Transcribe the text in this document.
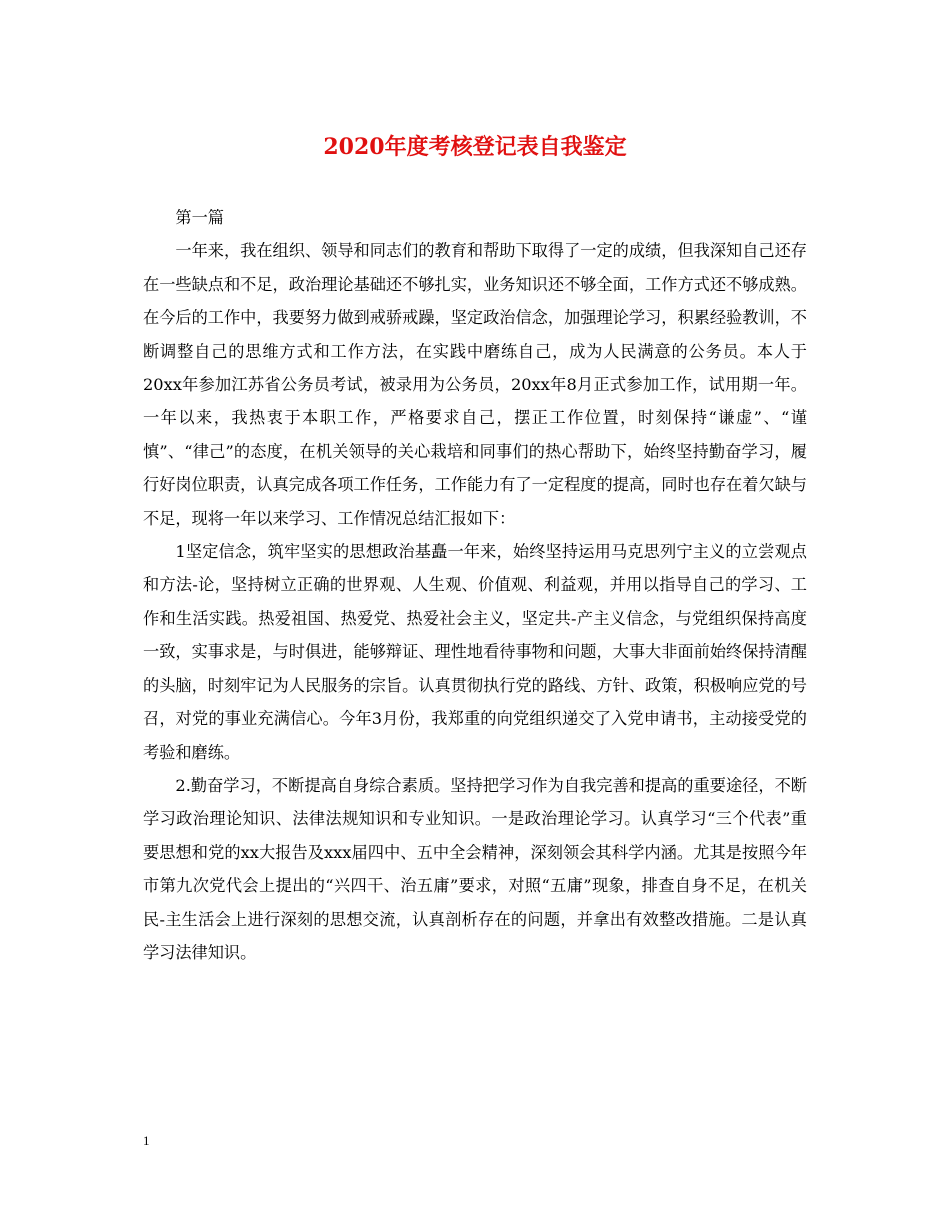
2020年度考核登记表自我鉴定

第一篇

一年来，我在组织、领导和同志们的教育和帮助下取得了一定的成绩，但我深知自己还存在一些缺点和不足，政治理论基础还不够扎实，业务知识还不够全面，工作方式还不够成熟。在今后的工作中，我要努力做到戒骄戒躁，坚定政治信念，加强理论学习，积累经验教训，不断调整自己的思维方式和工作方法，在实践中磨练自己，成为人民满意的公务员。本人于20xx年参加江苏省公务员考试，被录用为公务员，20xx年8月正式参加工作，试用期一年。一年以来，我热衷于本职工作，严格要求自己，摆正工作位置，时刻保持“谦虚”、“谨慎”、“律己”的态度，在机关领导的关心栽培和同事们的热心帮助下，始终坚持勤奋学习，履行好岗位职责，认真完成各项工作任务，工作能力有了一定程度的提高，同时也存在着欠缺与不足，现将一年以来学习、工作情况总结汇报如下：

1坚定信念，筑牢坚实的思想政治基矗一年来，始终坚持运用马克思列宁主义的立尝观点和方法-论，坚持树立正确的世界观、人生观、价值观、利益观，并用以指导自己的学习、工作和生活实践。热爱祖国、热爱党、热爱社会主义，坚定共-产主义信念，与党组织保持高度一致，实事求是，与时俱进，能够辩证、理性地看待事物和问题，大事大非面前始终保持清醒的头脑，时刻牢记为人民服务的宗旨。认真贯彻执行党的路线、方针、政策，积极响应党的号召，对党的事业充满信心。今年3月份，我郑重的向党组织递交了入党申请书，主动接受党的考验和磨练。

2.勤奋学习，不断提高自身综合素质。坚持把学习作为自我完善和提高的重要途径，不断学习政治理论知识、法律法规知识和专业知识。一是政治理论学习。认真学习“三个代表”重要思想和党的xx大报告及xxx届四中、五中全会精神，深刻领会其科学内涵。尤其是按照今年市第九次党代会上提出的“兴四干、治五庸”要求，对照“五庸”现象，排查自身不足，在机关民-主生活会上进行深刻的思想交流，认真剖析存在的问题，并拿出有效整改措施。二是认真学习法律知识。

1
